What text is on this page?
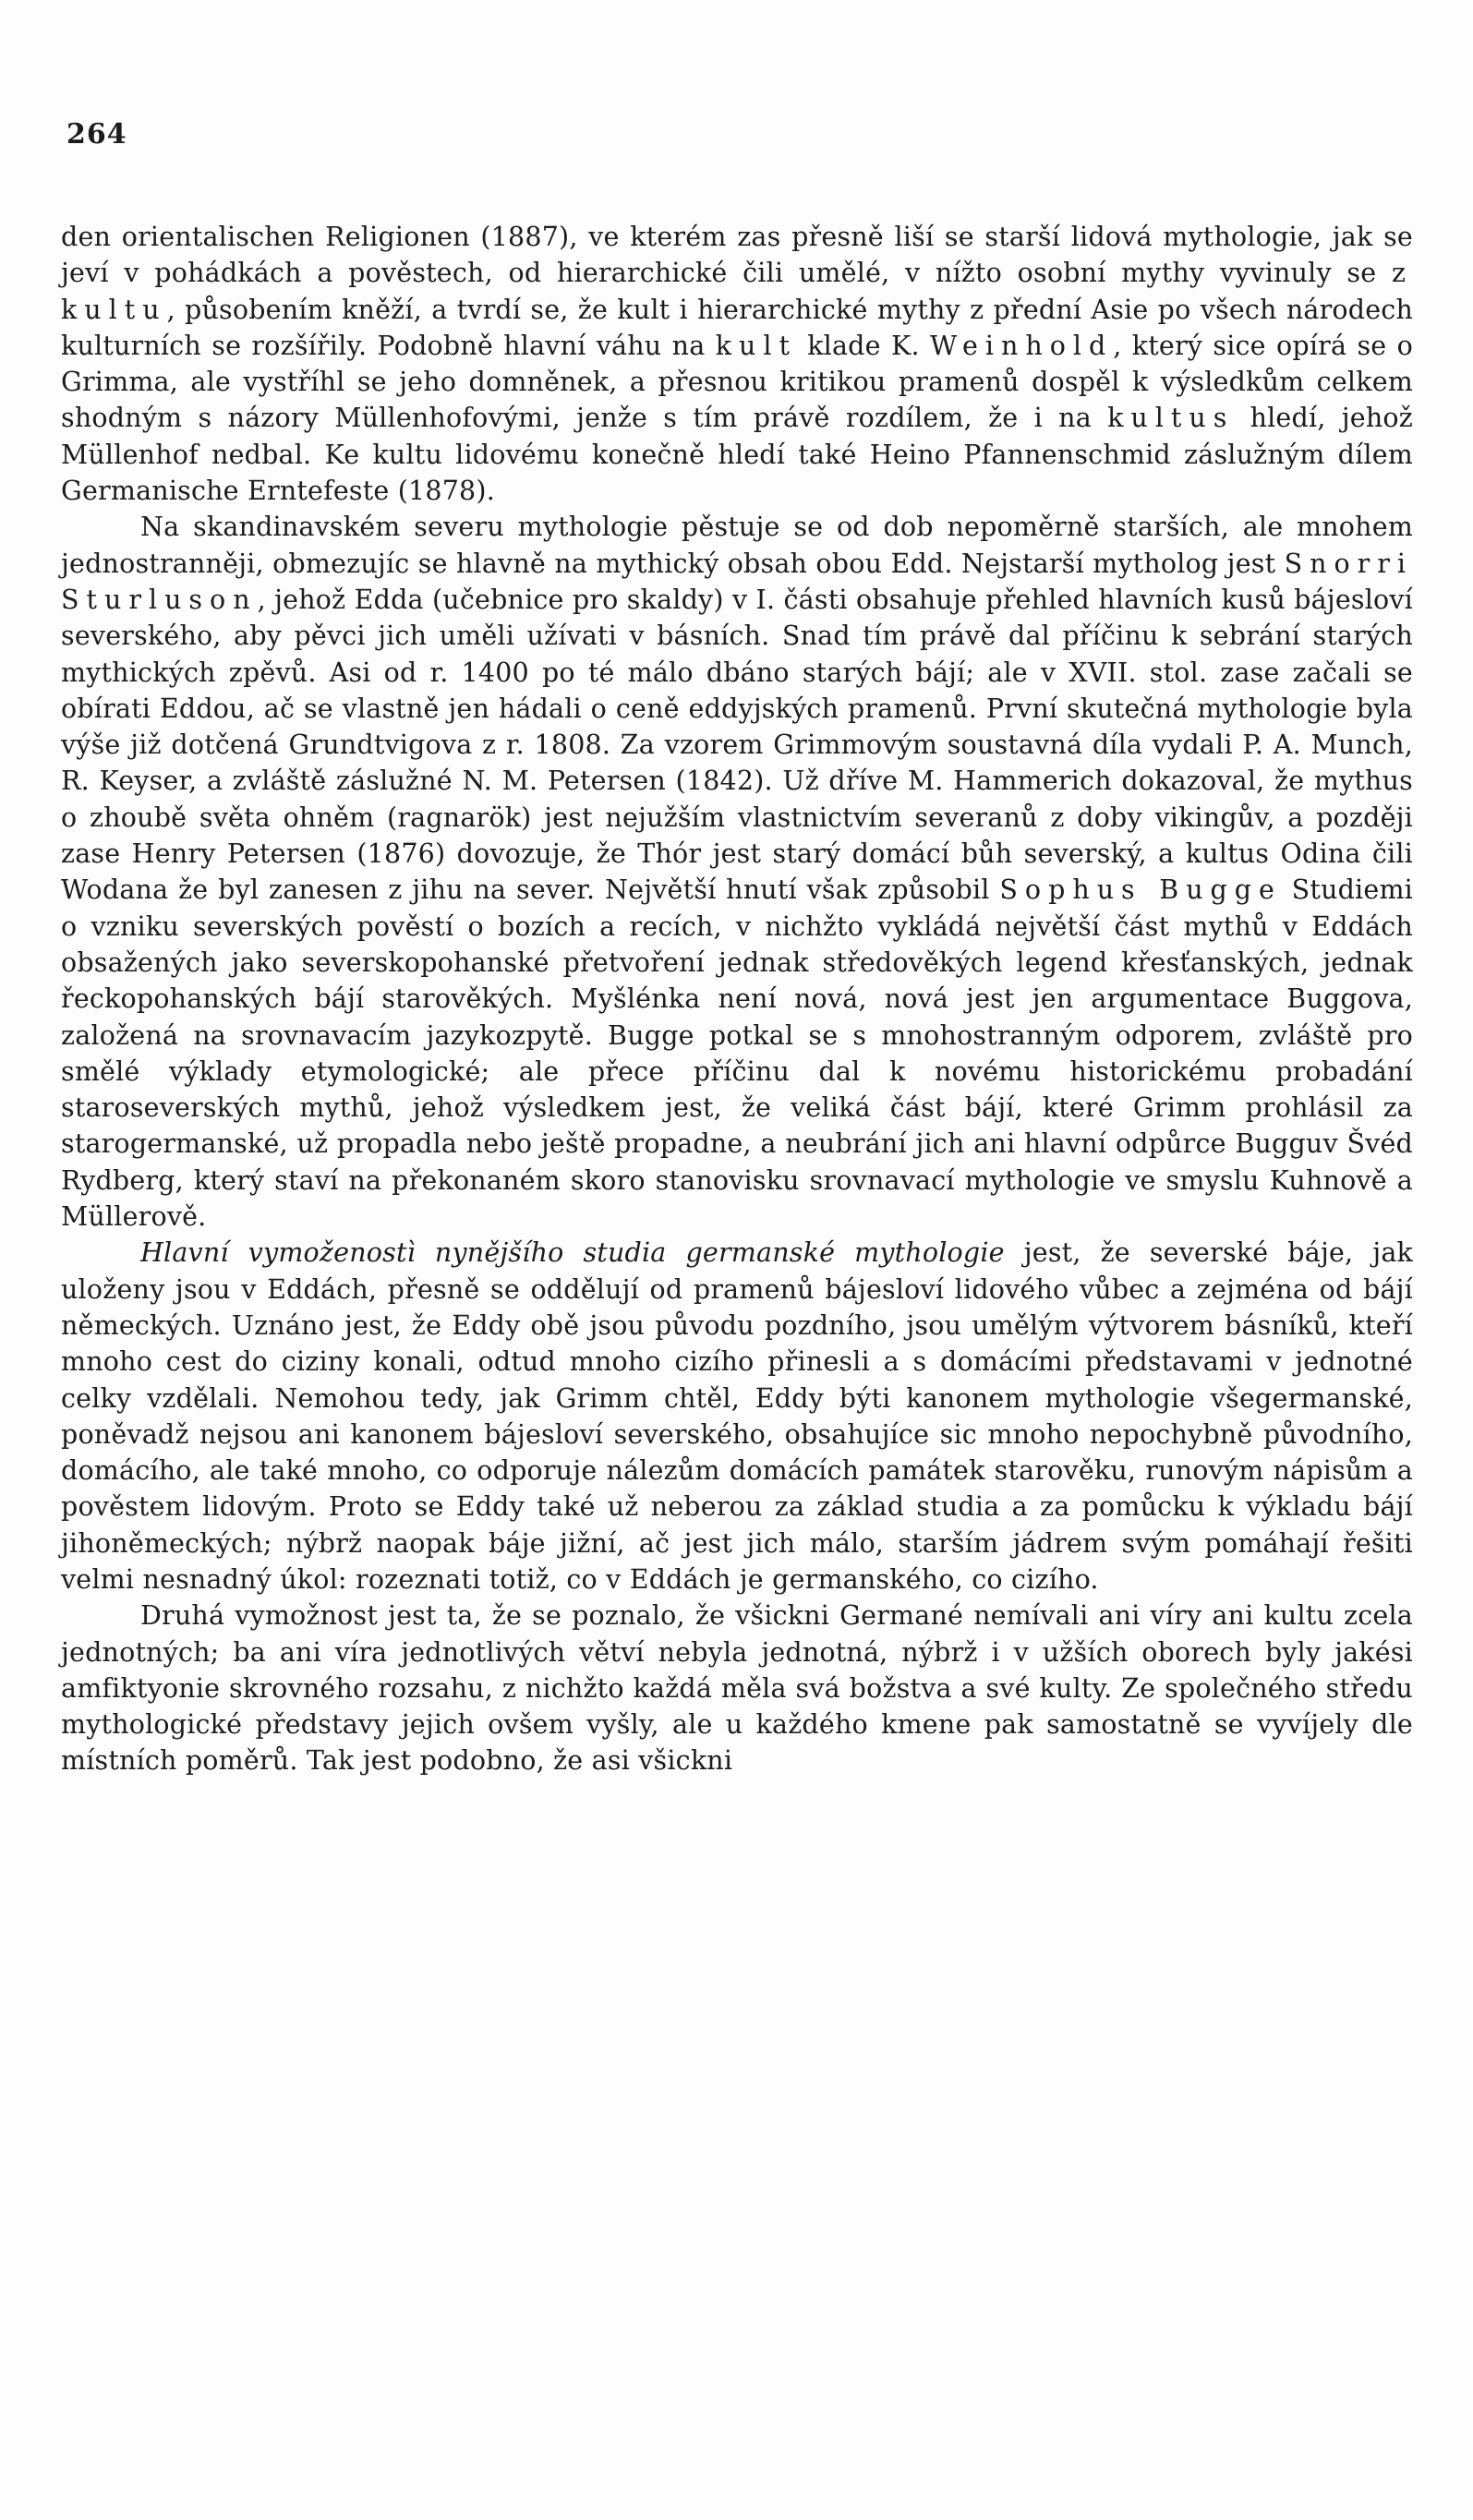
264

den orientalischen Religionen (1887), ve kterém zas přesně liší se starší lidová mythologie, jak se jeví v pohádkách a pověstech, od hierarchické čili umělé, v nížto osobní mythy vyvinuly se z kultu, působením kněží, a tvrdí se, že kult i hierarchické mythy z přední Asie po všech národech kulturních se rozšířily. Podobně hlavní váhu na kult klade K. Weinhold, který sice opírá se o Grimma, ale vystříhl se jeho domněnek, a přesnou kritikou pramenů dospěl k výsledkům celkem shodným s názory Müllenhofovými, jenže s tím právě rozdílem, že i na kultus hledí, jehož Müllenhof nedbal. Ke kultu lidovému konečně hledí také Heino Pfannenschmid záslužným dílem Germanische Erntefeste (1878).

Na skandinavském severu mythologie pěstuje se od dob nepoměrně starších, ale mnohem jednostranněji, obmezujíc se hlavně na mythický obsah obou Edd. Nejstarší mytholog jest Snorri Sturluson, jehož Edda (učebnice pro skaldy) v I. části obsahuje přehled hlavních kusů bájesloví severského, aby pěvci jich uměli užívati v básních. Snad tím právě dal příčinu k sebrání starých mythických zpěvů. Asi od r. 1400 po té málo dbáno starých bájí; ale v XVII. stol. zase začali se obírati Eddou, ač se vlastně jen hádali o ceně eddyjských pramenů. První skutečná mythologie byla výše již dotčená Grundtvigova z r. 1808. Za vzorem Grimmovým soustavná díla vydali P. A. Munch, R. Keyser, a zvláště záslužné N. M. Petersen (1842). Už dříve M. Hammerich dokazoval, že mythus o zhoubě světa ohněm (ragnarök) jest nejužším vlastnictvím severanů z doby vikingův, a později zase Henry Petersen (1876) dovozuje, že Thór jest starý domácí bůh severský, a kultus Odina čili Wodana že byl zanesen z jihu na sever. Největší hnutí však způsobil Sophus Bugge Studiemi o vzniku severských pověstí o bozích a recích, v nichžto vykládá největší část mythů v Eddách obsažených jako severskopohanské přetvoření jednak středověkých legend křesťanských, jednak řeckopohanských bájí starověkých. Myšlénka není nová, nová jest jen argumentace Buggova, založená na srovnavacím jazykozpytě. Bugge potkal se s mnohostranným odporem, zvláště pro smělé výklady etymologické; ale přece příčinu dal k novému historickému probadání staroseverských mythů, jehož výsledkem jest, že veliká část bájí, které Grimm prohlásil za starogermanské, už propadla nebo ještě propadne, a neubrání jich ani hlavní odpůrce Bugguv Švéd Rydberg, který staví na překonaném skoro stanovisku srovnavací mythologie ve smyslu Kuhnově a Müllerově.

Hlavní vymoženostì nynějšího studia germanské mythologie jest, že severské báje, jak uloženy jsou v Eddách, přesně se oddělují od pramenů bájesloví lidového vůbec a zejména od bájí německých. Uznáno jest, že Eddy obě jsou původu pozdního, jsou umělým výtvorem básníků, kteří mnoho cest do ciziny konali, odtud mnoho cizího přinesli a s domácími představami v jednotné celky vzdělali. Nemohou tedy, jak Grimm chtěl, Eddy býti kanonem mythologie všegermanské, poněvadž nejsou ani kanonem bájesloví severského, obsahujíce sic mnoho nepochybně původního, domácího, ale také mnoho, co odporuje nálezům domácích památek starověku, runovým nápisům a pověstem lidovým. Proto se Eddy také už neberou za základ studia a za pomůcku k výkladu bájí jihoněmeckých; nýbrž naopak báje jižní, ač jest jich málo, starším jádrem svým pomáhají řešiti velmi nesnadný úkol: rozeznati totiž, co v Eddách je germanského, co cizího.

Druhá vymožnost jest ta, že se poznalo, že všickni Germané nemívali ani víry ani kultu zcela jednotných; ba ani víra jednotlivých větví nebyla jednotná, nýbrž i v užších oborech byly jakési amfiktyonie skrovného rozsahu, z nichžto každá měla svá božstva a své kulty. Ze společného středu mythologické představy jejich ovšem vyšly, ale u každého kmene pak samostatně se vyvíjely dle místních poměrů. Tak jest podobno, že asi všickni
